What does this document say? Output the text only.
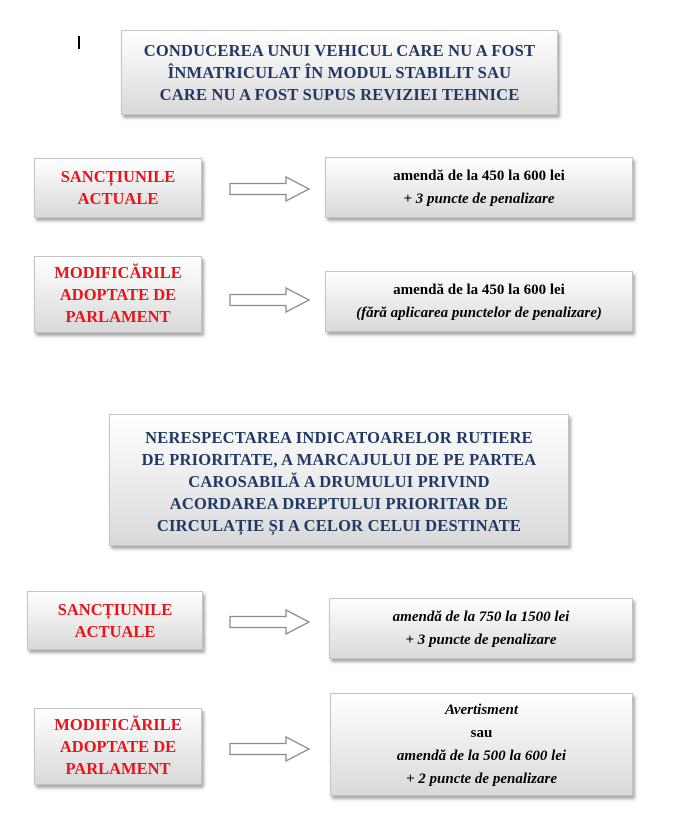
CONDUCEREA UNUI VEHICUL CARE NU A FOST
ÎNMATRICULAT ÎN MODUL STABILIT SAU
CARE NU A FOST SUPUS REVIZIEI TEHNICE
SANCȚIUNILE
ACTUALE
amendă de la 450 la 600 lei
+ 3 puncte de penalizare
MODIFICĂRILE
ADOPTATE DE
PARLAMENT
amendă de la 450 la 600 lei
(fără aplicarea punctelor de penalizare)
NERESPECTAREA INDICATOARELOR RUTIERE
DE PRIORITATE, A MARCAJULUI DE PE PARTEA
CAROSABILĂ A DRUMULUI PRIVIND
ACORDAREA DREPTULUI PRIORITAR DE
CIRCULAȚIE ȘI A CELOR CELUI DESTINATE
SANCȚIUNILE
ACTUALE
amendă de la 750 la 1500 lei
+ 3 puncte de penalizare
MODIFICĂRILE
ADOPTATE DE
PARLAMENT
Avertisment
sau
amendă de la 500 la 600 lei
+ 2 puncte de penalizare
